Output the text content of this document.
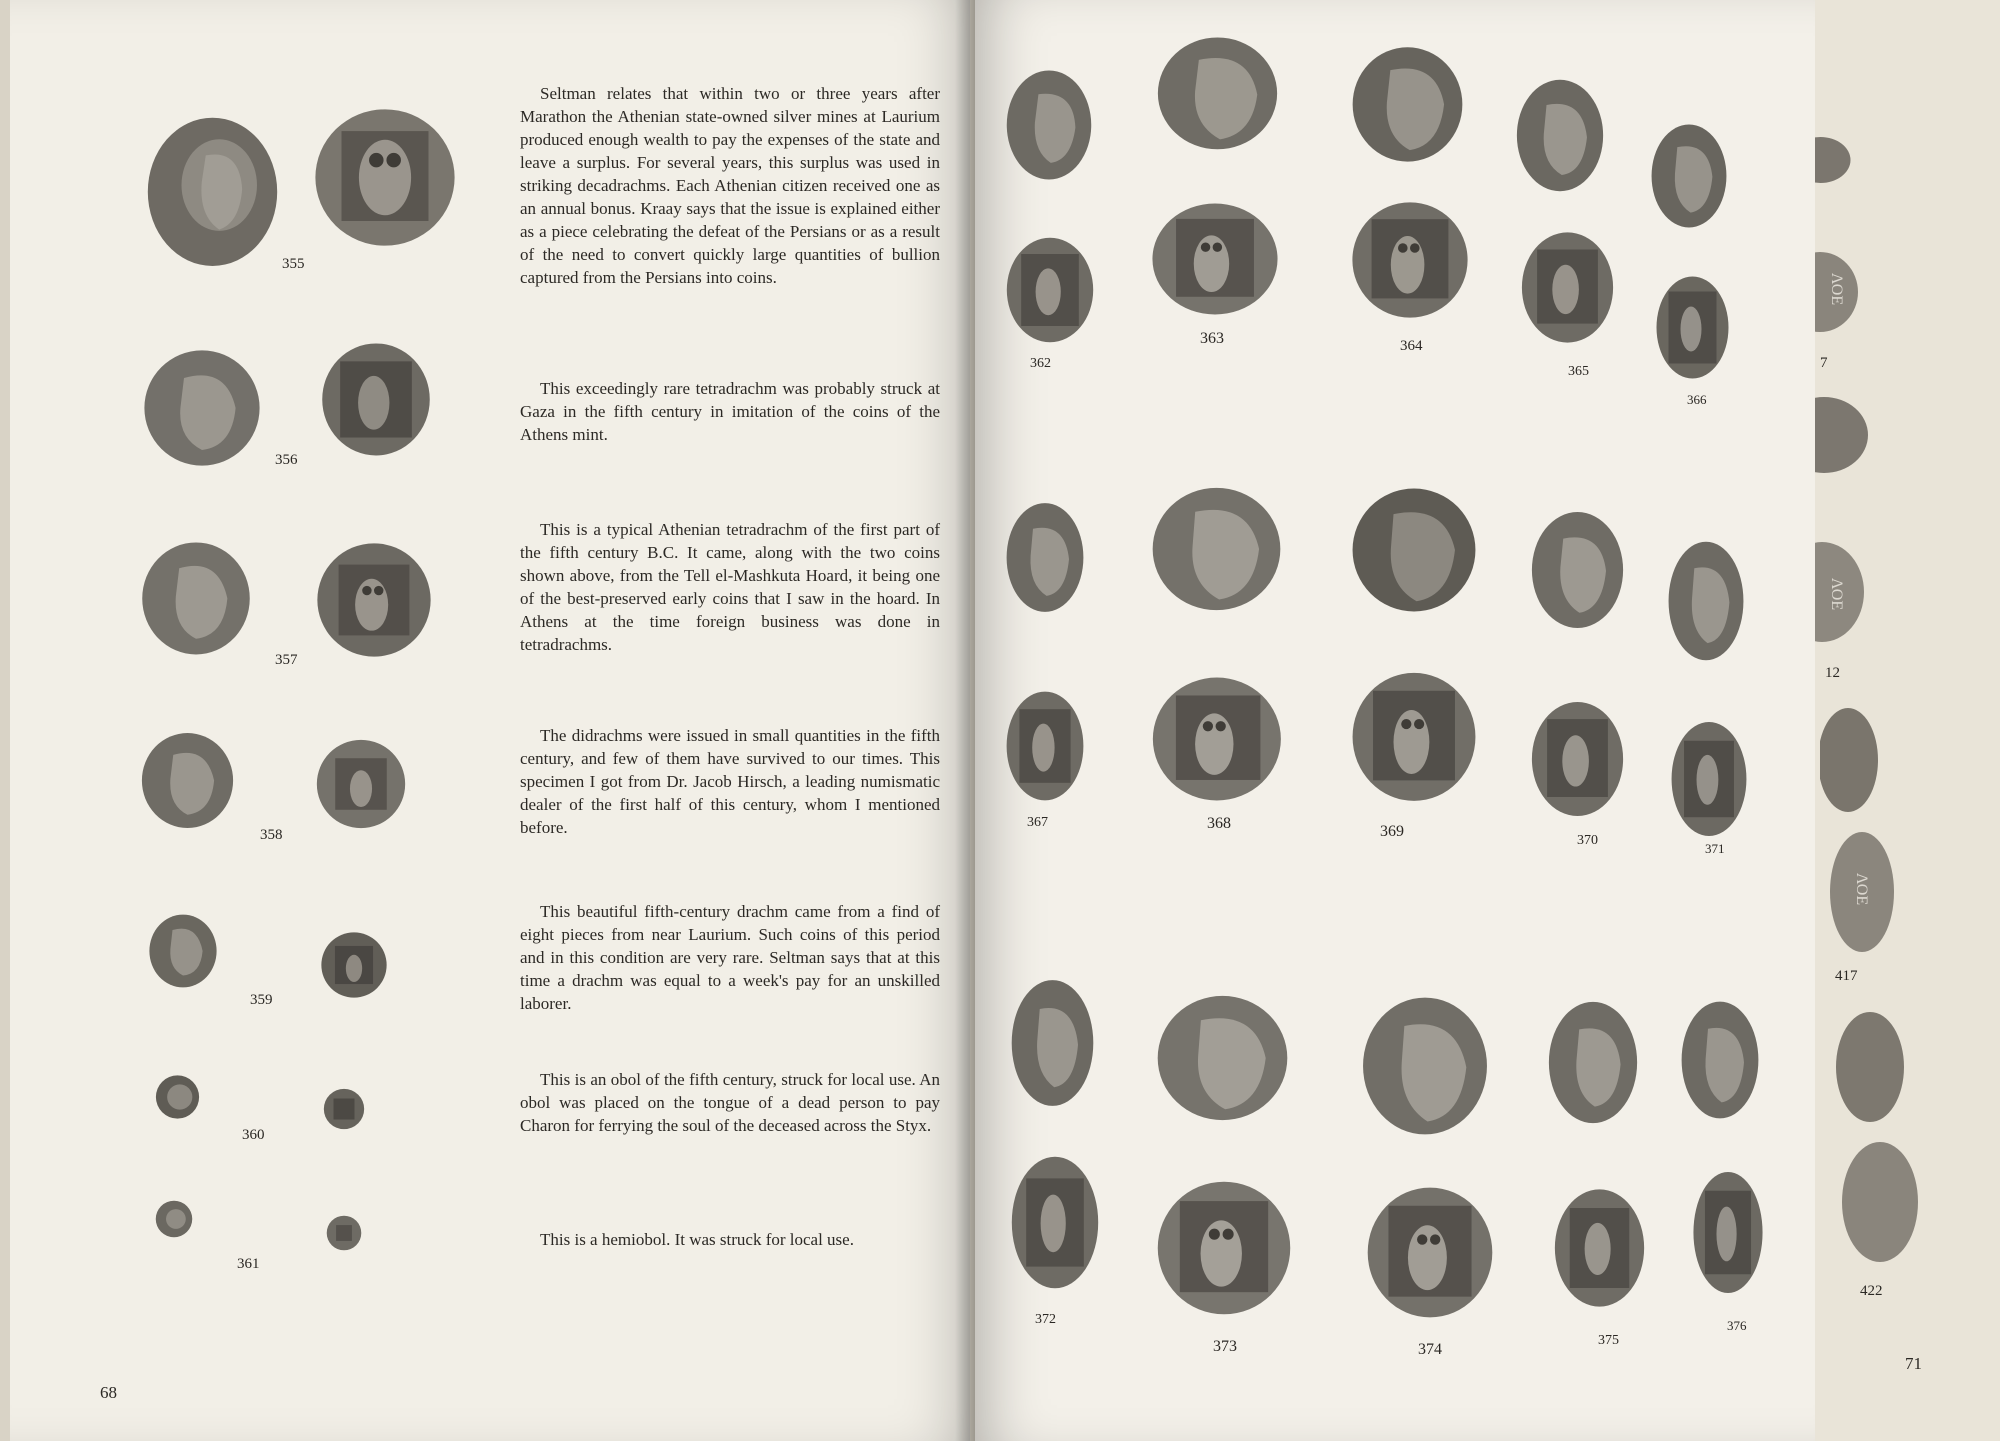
ΛΟΕ
7
ΛΟΕ
12
ΛΟΕ
417
422
355

Seltman relates that within two or three years after Marathon the Athenian state-owned silver mines at Laurium produced enough wealth to pay the expenses of the state and leave a surplus. For several years, this surplus was used in striking decadrachms. Each Athenian citizen received one as an annual bonus. Kraay says that the issue is explained either as a piece celebrating the defeat of the Persians or as a result of the need to convert quickly large quantities of bullion captured from the Persians into coins.

356

This exceedingly rare tetradrachm was probably struck at Gaza in the fifth century in imitation of the coins of the Athens mint.

357

This is a typical Athenian tetradrachm of the first part of the fifth century B.C. It came, along with the two coins shown above, from the Tell el-Mashkuta Hoard, it being one of the best-preserved early coins that I saw in the hoard. In Athens at the time foreign business was done in tetradrachms.

358

The didrachms were issued in small quantities in the fifth century, and few of them have survived to our times. This specimen I got from Dr. Jacob Hirsch, a leading numismatic dealer of the first half of this century, whom I mentioned before.

359

This beautiful fifth-century drachm came from a find of eight pieces from near Laurium. Such coins of this period and in this condition are very rare. Seltman says that at this time a drachm was equal to a week's pay for an unskilled laborer.

360

This is an obol of the fifth century, struck for local use. An obol was placed on the tongue of a dead person to pay Charon for ferrying the soul of the deceased across the Styx.

361

This is a hemiobol. It was struck for local use.

68
362
363	364
365
366
367	368	369
370
371
372
373	374
375
376
71
